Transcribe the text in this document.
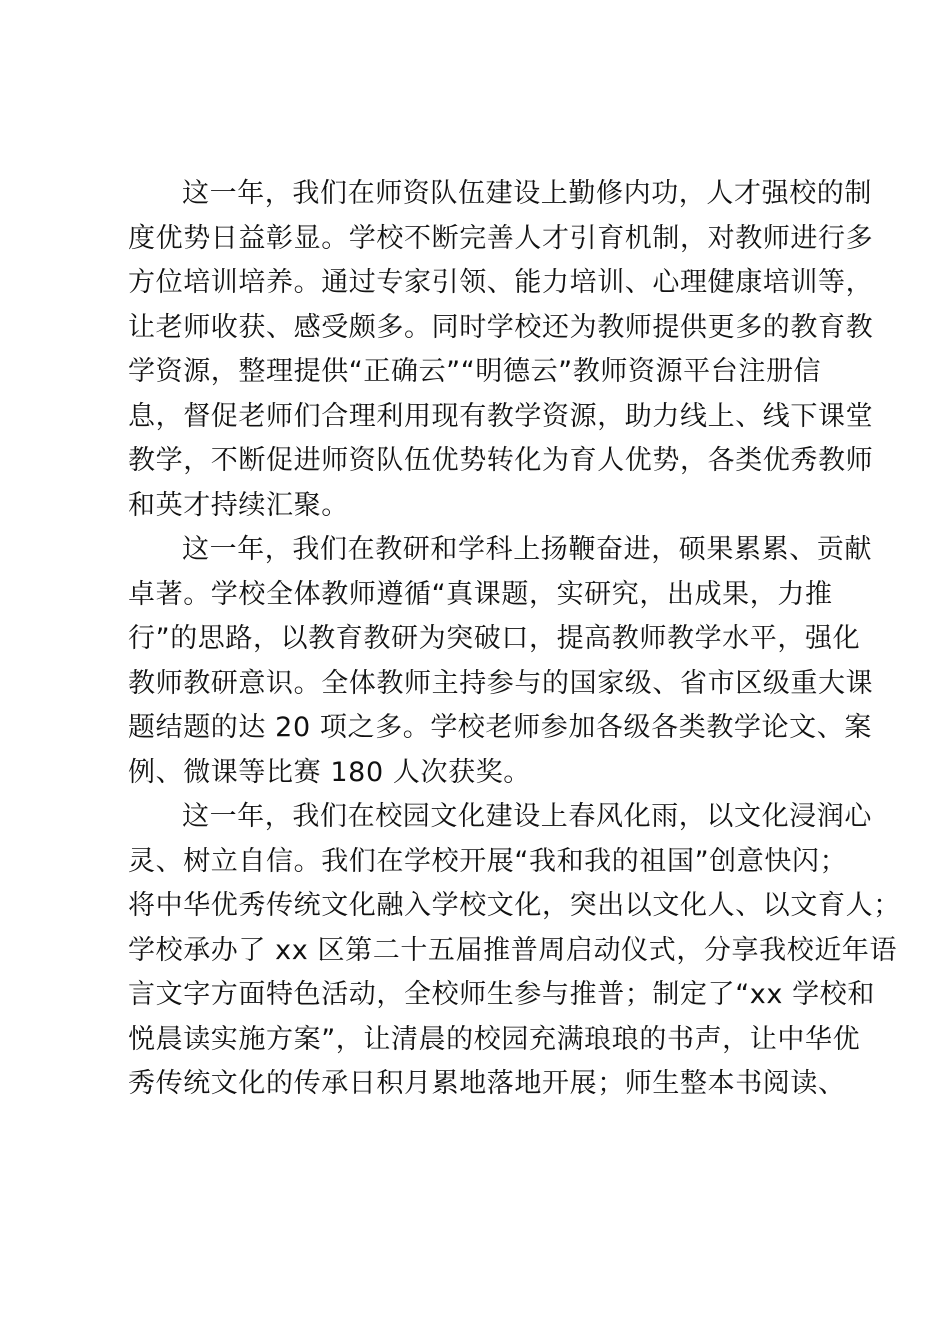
这一年，我们在师资队伍建设上勤修内功，人才强校的制
度优势日益彰显。学校不断完善人才引育机制，对教师进行多
方位培训培养。通过专家引领、能力培训、心理健康培训等，
让老师收获、感受颇多。同时学校还为教师提供更多的教育教
学资源，整理提供“正确云”“明德云”教师资源平台注册信
息，督促老师们合理利用现有教学资源，助力线上、线下课堂
教学，不断促进师资队伍优势转化为育人优势，各类优秀教师
和英才持续汇聚。
这一年，我们在教研和学科上扬鞭奋进，硕果累累、贡献
卓著。学校全体教师遵循“真课题，实研究，出成果，力推
行”的思路，以教育教研为突破口，提高教师教学水平，强化
教师教研意识。全体教师主持参与的国家级、省市区级重大课
题结题的达 20 项之多。学校老师参加各级各类教学论文、案
例、微课等比赛 180 人次获奖。
这一年，我们在校园文化建设上春风化雨，以文化浸润心
灵、树立自信。我们在学校开展“我和我的祖国”创意快闪；
将中华优秀传统文化融入学校文化，突出以文化人、以文育人；
学校承办了 xx 区第二十五届推普周启动仪式，分享我校近年语
言文字方面特色活动，全校师生参与推普；制定了“xx 学校和
悦晨读实施方案”，让清晨的校园充满琅琅的书声，让中华优
秀传统文化的传承日积月累地落地开展；师生整本书阅读、
